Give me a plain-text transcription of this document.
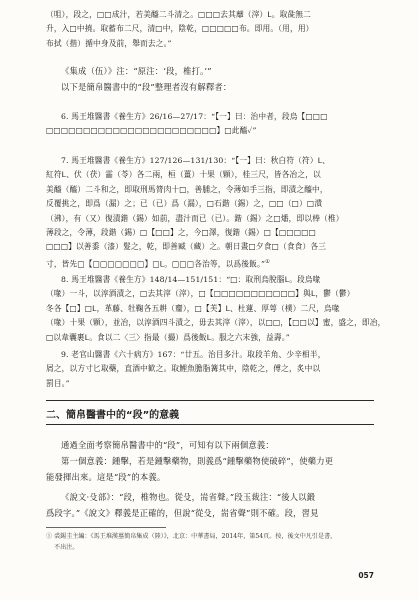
（咀），段之，□□成汁，若美醯二斗清之。□□□去其蘼（滓）ᒪ。取彘無二
升，入□中撓。取蓄布二尺，清□中，陰乾，□□□□□布。即用。（用，用）
布拭（揩）揗中身及前，舉而去之。”
《集成（伍）》注：“原注：‘段，椎打。’”
以下是簡帛醫書中的“段”整理者沒有解釋者：
6. 馬王堆醫書《養生方》26/16—27/17：“【一】曰：治中者，段烏【□□□
□□□□□□□□□□□□□□□□□□□□□□□】□此醯✓”
7. 馬王堆醫書《養生方》127/126—131/130：“【一】曰：秋白符（符）ᒪ、
紅符ᒪ、伏（茯）霝（苓）各二兩，桓（薑）十果（顆），桂三尺，皆各冶之，以
美醯（醯）二斗和之，即取刑馬膂肉十□，善脯之，令薄如手三指，即漬之醯中，
反覆挑之，即爲（漏）之；已（已）爲（漏），□石鍇（錫）之，□□（□）□潰
（沸），有（又）復漬鍇（錫）如前，盡汁而已（已）。鍇（錫）之□燔，即以棒（椎）
薄段之，令薄，段鍇（錫）□【□□】之，今□澤，復鍇（錫）□【□□□□□
□□□】以善黍（漆）髮之，乾，即善臧（藏）之。朝日晝□夕食□（食食）各三
寸，皆先□【□□□□□□□】□ᒪ。□□□各治等，以爲後飯。”①
8. 馬王堆醫書《養生方》148/14—151/151：“□：取刑烏脫腦ᒪ。段烏喙
（喙）一斗，以淳酒漬之，□去其滓（滓），□【□□□□□□□□□□□】與ᒪ，鬱（鬱）
冬各【□】□ᒪ，革藤、牡鞠各五耕（齏），□【芙】ᒪ、杜蓮、厚萼（樸）二尺，烏喙
（喙）十果（顆），並冶，以淳酒四斗漬之，毋去其滓（滓），以□□，【□□以】蜜，盛之，即冶，
□以韋囊裹ᒪ。食以二〈三〉指最（撮）爲後飯ᒪ。服之六末強，益壽。”
9. 老官山醫書《六十病方》167：“廿五。治目多汁。取段羊角、少辛相半，
屑之，以方寸匕取藥，直酒中歓之。取鯉魚膽脂篝其中，陰乾之，傅之，炙中以
罰目。”
二、簡帛醫書中的“段”的意義
通過全面考察簡帛醫書中的“段”，可知有以下兩個意義：
第一個意義：鍾擊，若是鍾擊藥物，則義爲“鍾擊藥物使破碎”，使藥力更
能發揮出來。這是“段”的本義。
《說文·殳部》：“段，椎物也。從殳，耑省聲。”段玉裁注：“後人以鍛
爲段字。”《說文》釋義是正確的，但說“從殳，耑省聲”則不確。段，習見
① 裘錫圭主編：《馬王堆漢墓簡帛集成（陸）》，北京：中華書局，2014年，第54頁。按，後文中凡引是書，
不出注。
057
